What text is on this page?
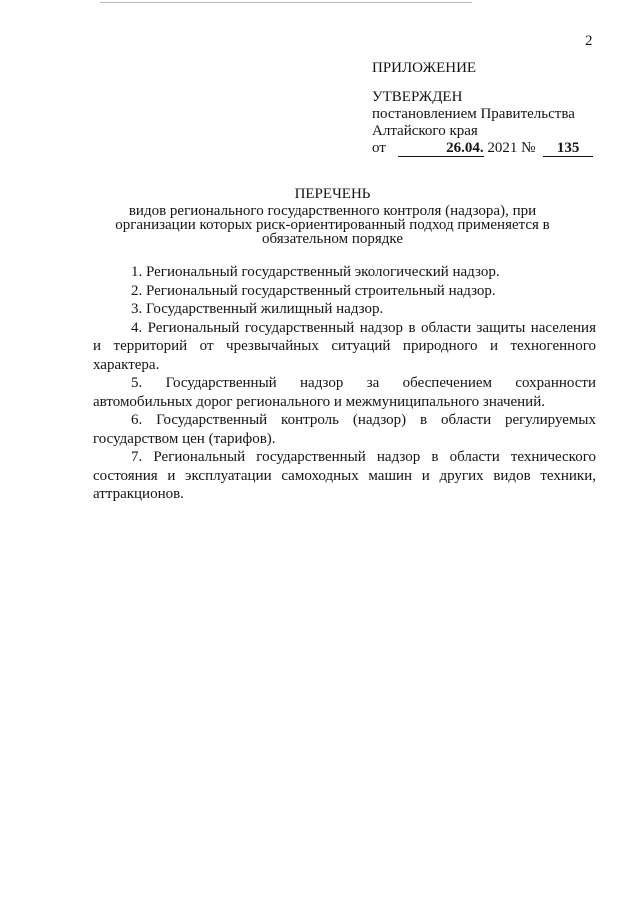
2
ПРИЛОЖЕНИЕ
УТВЕРЖДЕН
постановлением Правительства
Алтайского края
от	26.04. 2021 № 135
ПЕРЕЧЕНЬ
видов регионального государственного контроля (надзора), при
организации которых риск-ориентированный подход применяется в
обязательном порядке

1. Региональный государственный экологический надзор.

2. Региональный государственный строительный надзор.

3. Государственный жилищный надзор.

4. Региональный государственный надзор в области защиты населения и территорий от чрезвычайных ситуаций природного и техногенного характера.

5. Государственный надзор за обеспечением сохранности автомобильных дорог регионального и межмуниципального значений.

6. Государственный контроль (надзор) в области регулируемых государством цен (тарифов).

7. Региональный государственный надзор в области технического состояния и эксплуатации самоходных машин и других видов техники, аттракционов.
